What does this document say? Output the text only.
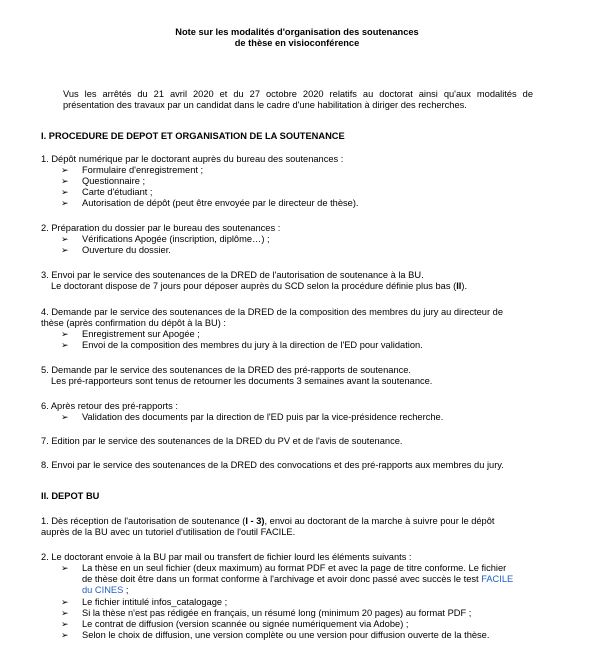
Note sur les modalités d'organisation des soutenances
de thèse en visioconférence
Vus les arrêtés du 21 avril 2020 et du 27 octobre 2020 relatifs au doctorat ainsi qu'aux modalités de
présentation des travaux par un candidat dans le cadre d'une habilitation à diriger des recherches.
I. PROCEDURE DE DEPOT ET ORGANISATION DE LA SOUTENANCE
1. Dépôt numérique par le doctorant auprès du bureau des soutenances :
➢ Formulaire d'enregistrement ;
➢ Questionnaire ;
➢ Carte d'étudiant ;
➢ Autorisation de dépôt (peut être envoyée par le directeur de thèse).
2. Préparation du dossier par le bureau des soutenances :
➢ Vérifications Apogée (inscription, diplôme…) ;
➢ Ouverture du dossier.
3. Envoi par le service des soutenances de la DRED de l'autorisation de soutenance à la BU.
Le doctorant dispose de 7 jours pour déposer auprès du SCD selon la procédure définie plus bas (II).
4. Demande par le service des soutenances de la DRED de la composition des membres du jury au directeur de
thèse (après confirmation du dépôt à la BU) :
➢ Enregistrement sur Apogée ;
➢ Envoi de la composition des membres du jury à la direction de l'ED pour validation.
5. Demande par le service des soutenances de la DRED des pré-rapports de soutenance.
Les pré-rapporteurs sont tenus de retourner les documents 3 semaines avant la soutenance.
6. Après retour des pré-rapports :
➢ Validation des documents par la direction de l'ED puis par la vice-présidence recherche.
7. Edition par le service des soutenances de la DRED du PV et de l'avis de soutenance.
8. Envoi par le service des soutenances de la DRED des convocations et des pré-rapports aux membres du jury.
II. DEPOT BU
1. Dès réception de l'autorisation de soutenance (I - 3), envoi au doctorant de la marche à suivre pour le dépôt
auprès de la BU avec un tutoriel d'utilisation de l'outil FACILE.
2. Le doctorant envoie à la BU par mail ou transfert de fichier lourd les éléments suivants :
➢ La thèse en un seul fichier (deux maximum) au format PDF et avec la page de titre conforme. Le fichier
de thèse doit être dans un format conforme à l'archivage et avoir donc passé avec succès le test FACILE
du CINES ;
➢ Le fichier intitulé infos_catalogage ;
➢ Si la thèse n'est pas rédigée en français, un résumé long (minimum 20 pages) au format PDF ;
➢ Le contrat de diffusion (version scannée ou signée numériquement via Adobe) ;
➢ Selon le choix de diffusion, une version complète ou une version pour diffusion ouverte de la thèse.
